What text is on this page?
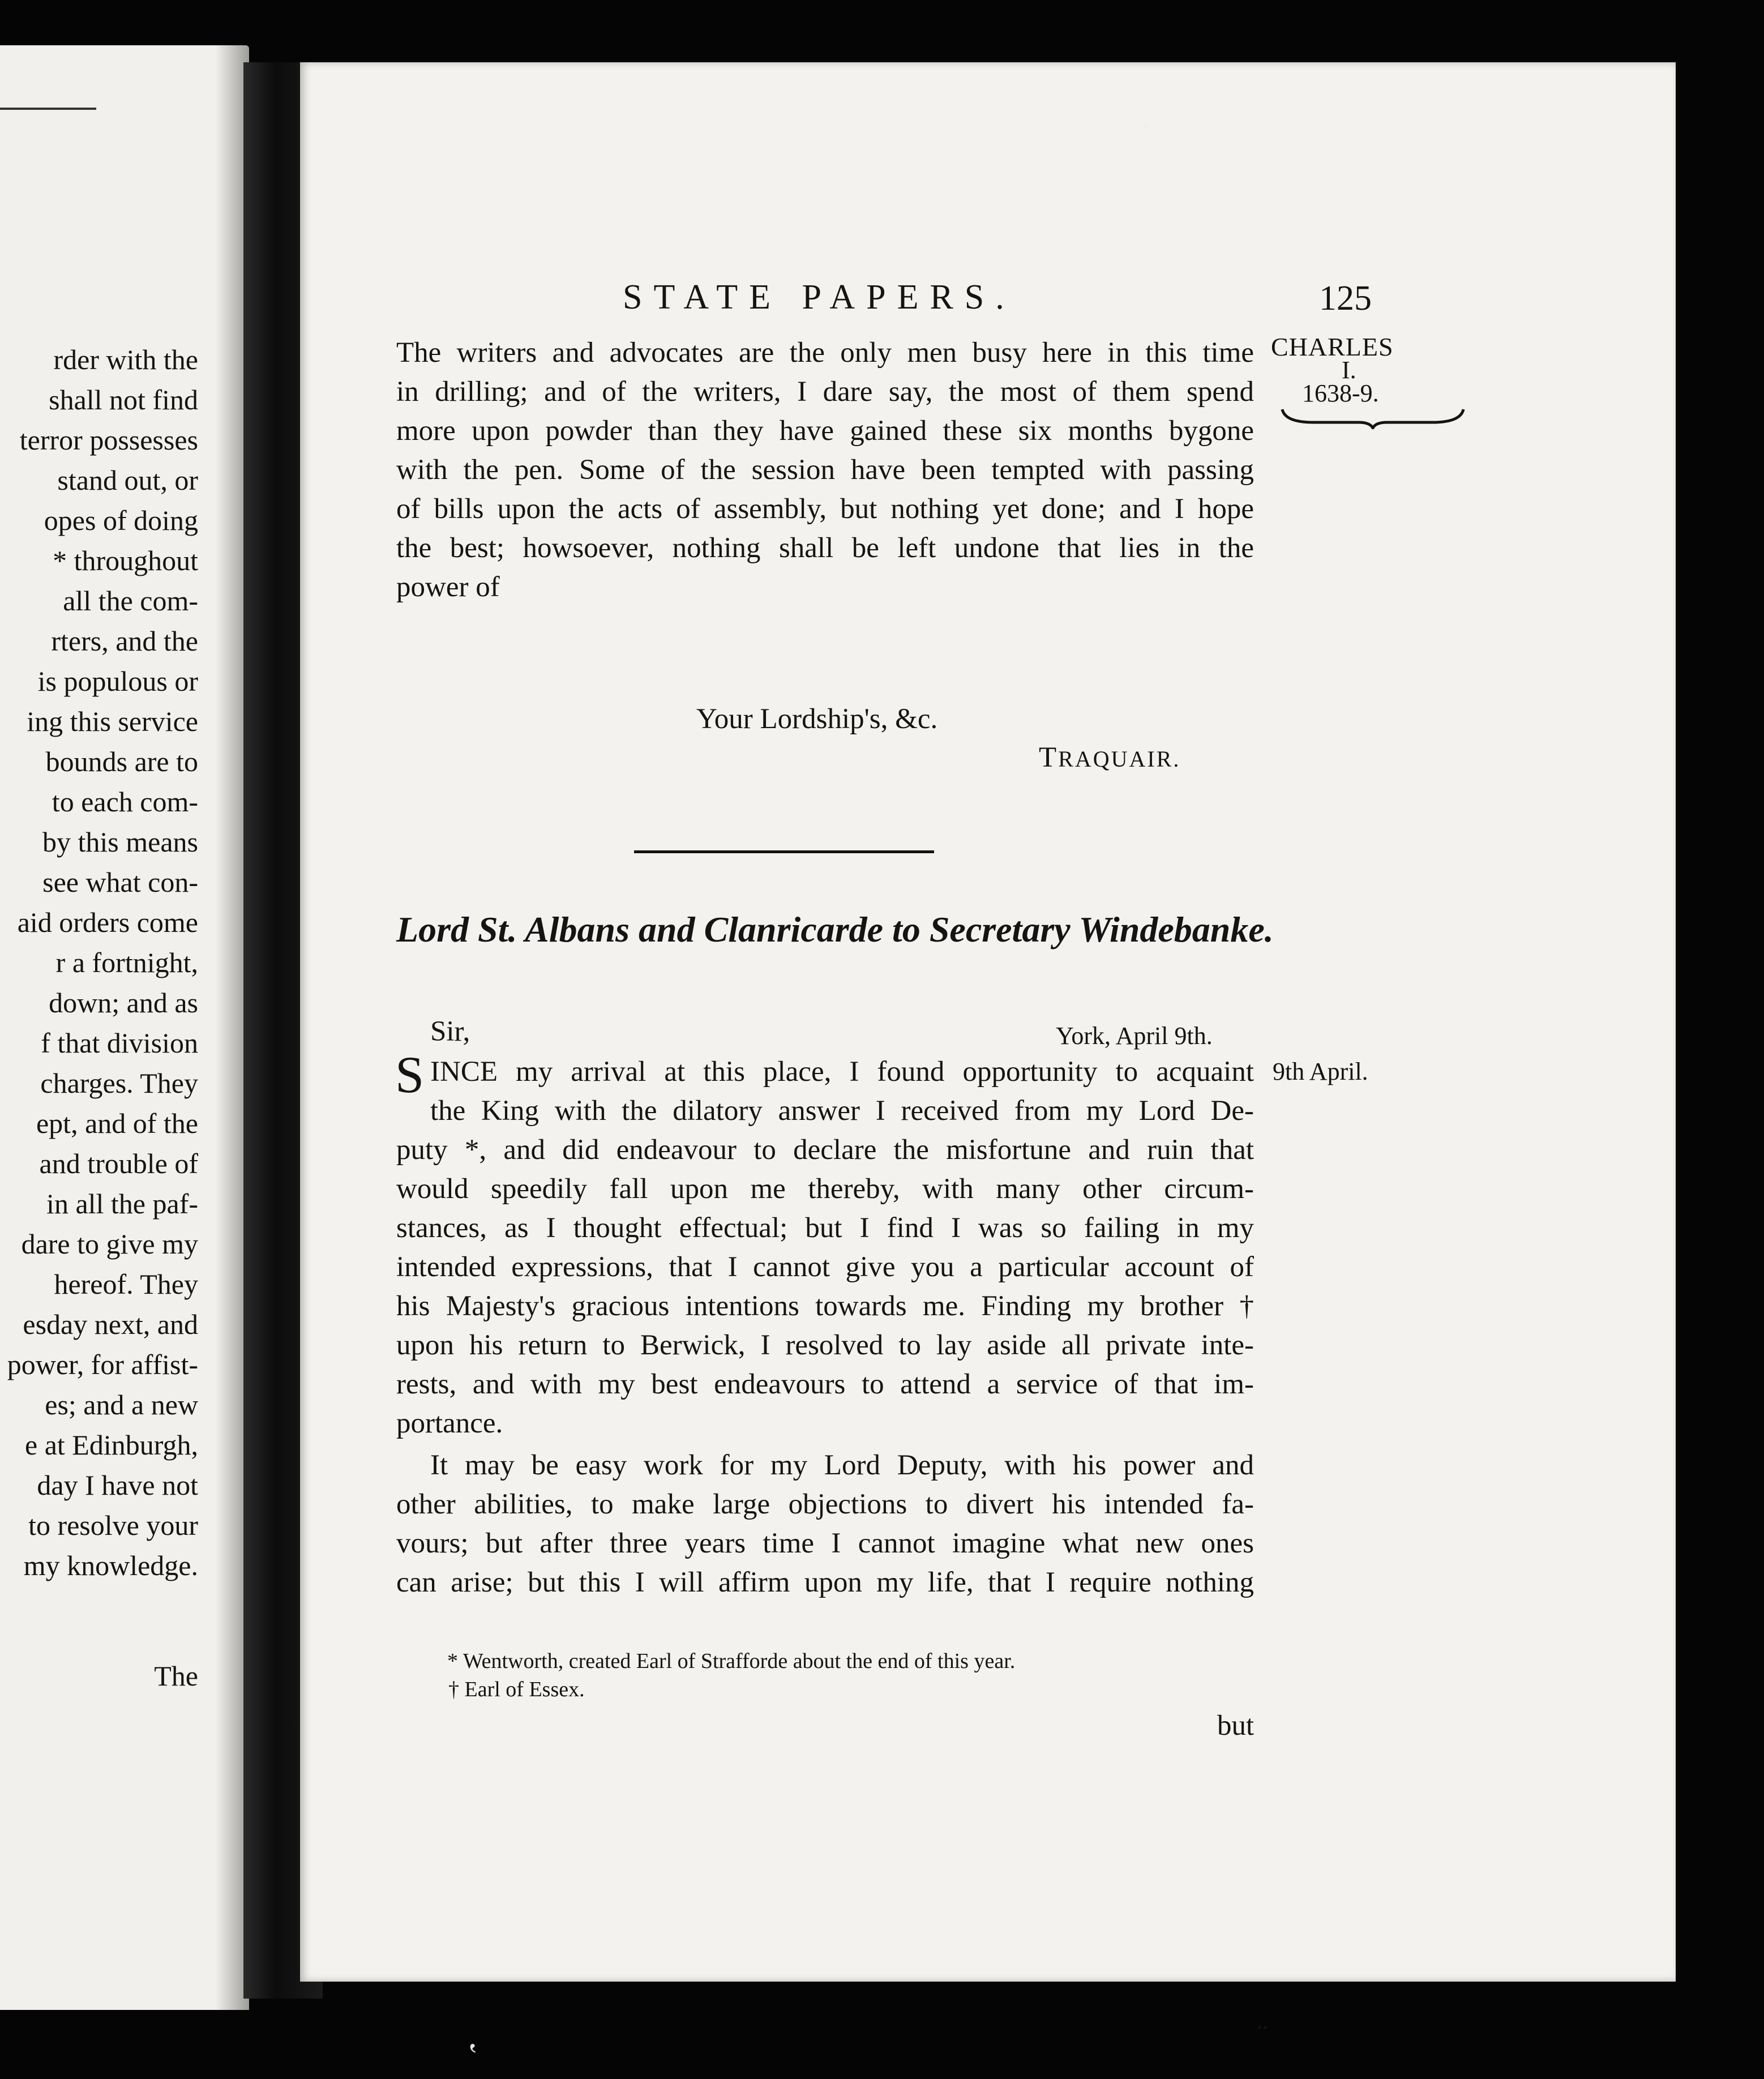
rder with the
shall not find
terror possesses
stand out, or
opes of doing
* throughout
all the com-
rters, and the
is populous or
ing this service
bounds are to
to each com-
by this means
see what con-
aid orders come
r a fortnight,
down; and as
f that division
charges. They
ept, and of the
and trouble of
in all the paf-
dare to give my
hereof. They
esday next, and
power, for affist-
es; and a new
e at Edinburgh,
day I have not
to resolve your
my knowledge.
The
STATE PAPERS.	125
CHARLES
I.
1638-9.
The writers and advocates are the only men busy here in this time
in drilling; and of the writers, I dare say, the most of them spend
more upon powder than they have gained these six months bygone
with the pen. Some of the session have been tempted with passing
of bills upon the acts of assembly, but nothing yet done; and I hope
the best; howsoever, nothing shall be left undone that lies in the
power of
Your Lordship's, &c.
TRAQUAIR.
Lord St. Albans and Clanricarde to Secretary Windebanke.
Sir,	York, April 9th.
9th April.
S INCE my arrival at this place, I found opportunity to acquaint
the King with the dilatory answer I received from my Lord De-
puty *, and did endeavour to declare the misfortune and ruin that
would speedily fall upon me thereby, with many other circum-
stances, as I thought effectual; but I find I was so failing in my
intended expressions, that I cannot give you a particular account of
his Majesty's gracious intentions towards me. Finding my brother †
upon his return to Berwick, I resolved to lay aside all private inte-
rests, and with my best endeavours to attend a service of that im-
portance.
It may be easy work for my Lord Deputy, with his power and
other abilities, to make large objections to divert his intended fa-
vours; but after three years time I cannot imagine what new ones
can arise; but this I will affirm upon my life, that I require nothing
* Wentworth, created Earl of Strafforde about the end of this year.
† Earl of Essex.
but
..
ʽ
